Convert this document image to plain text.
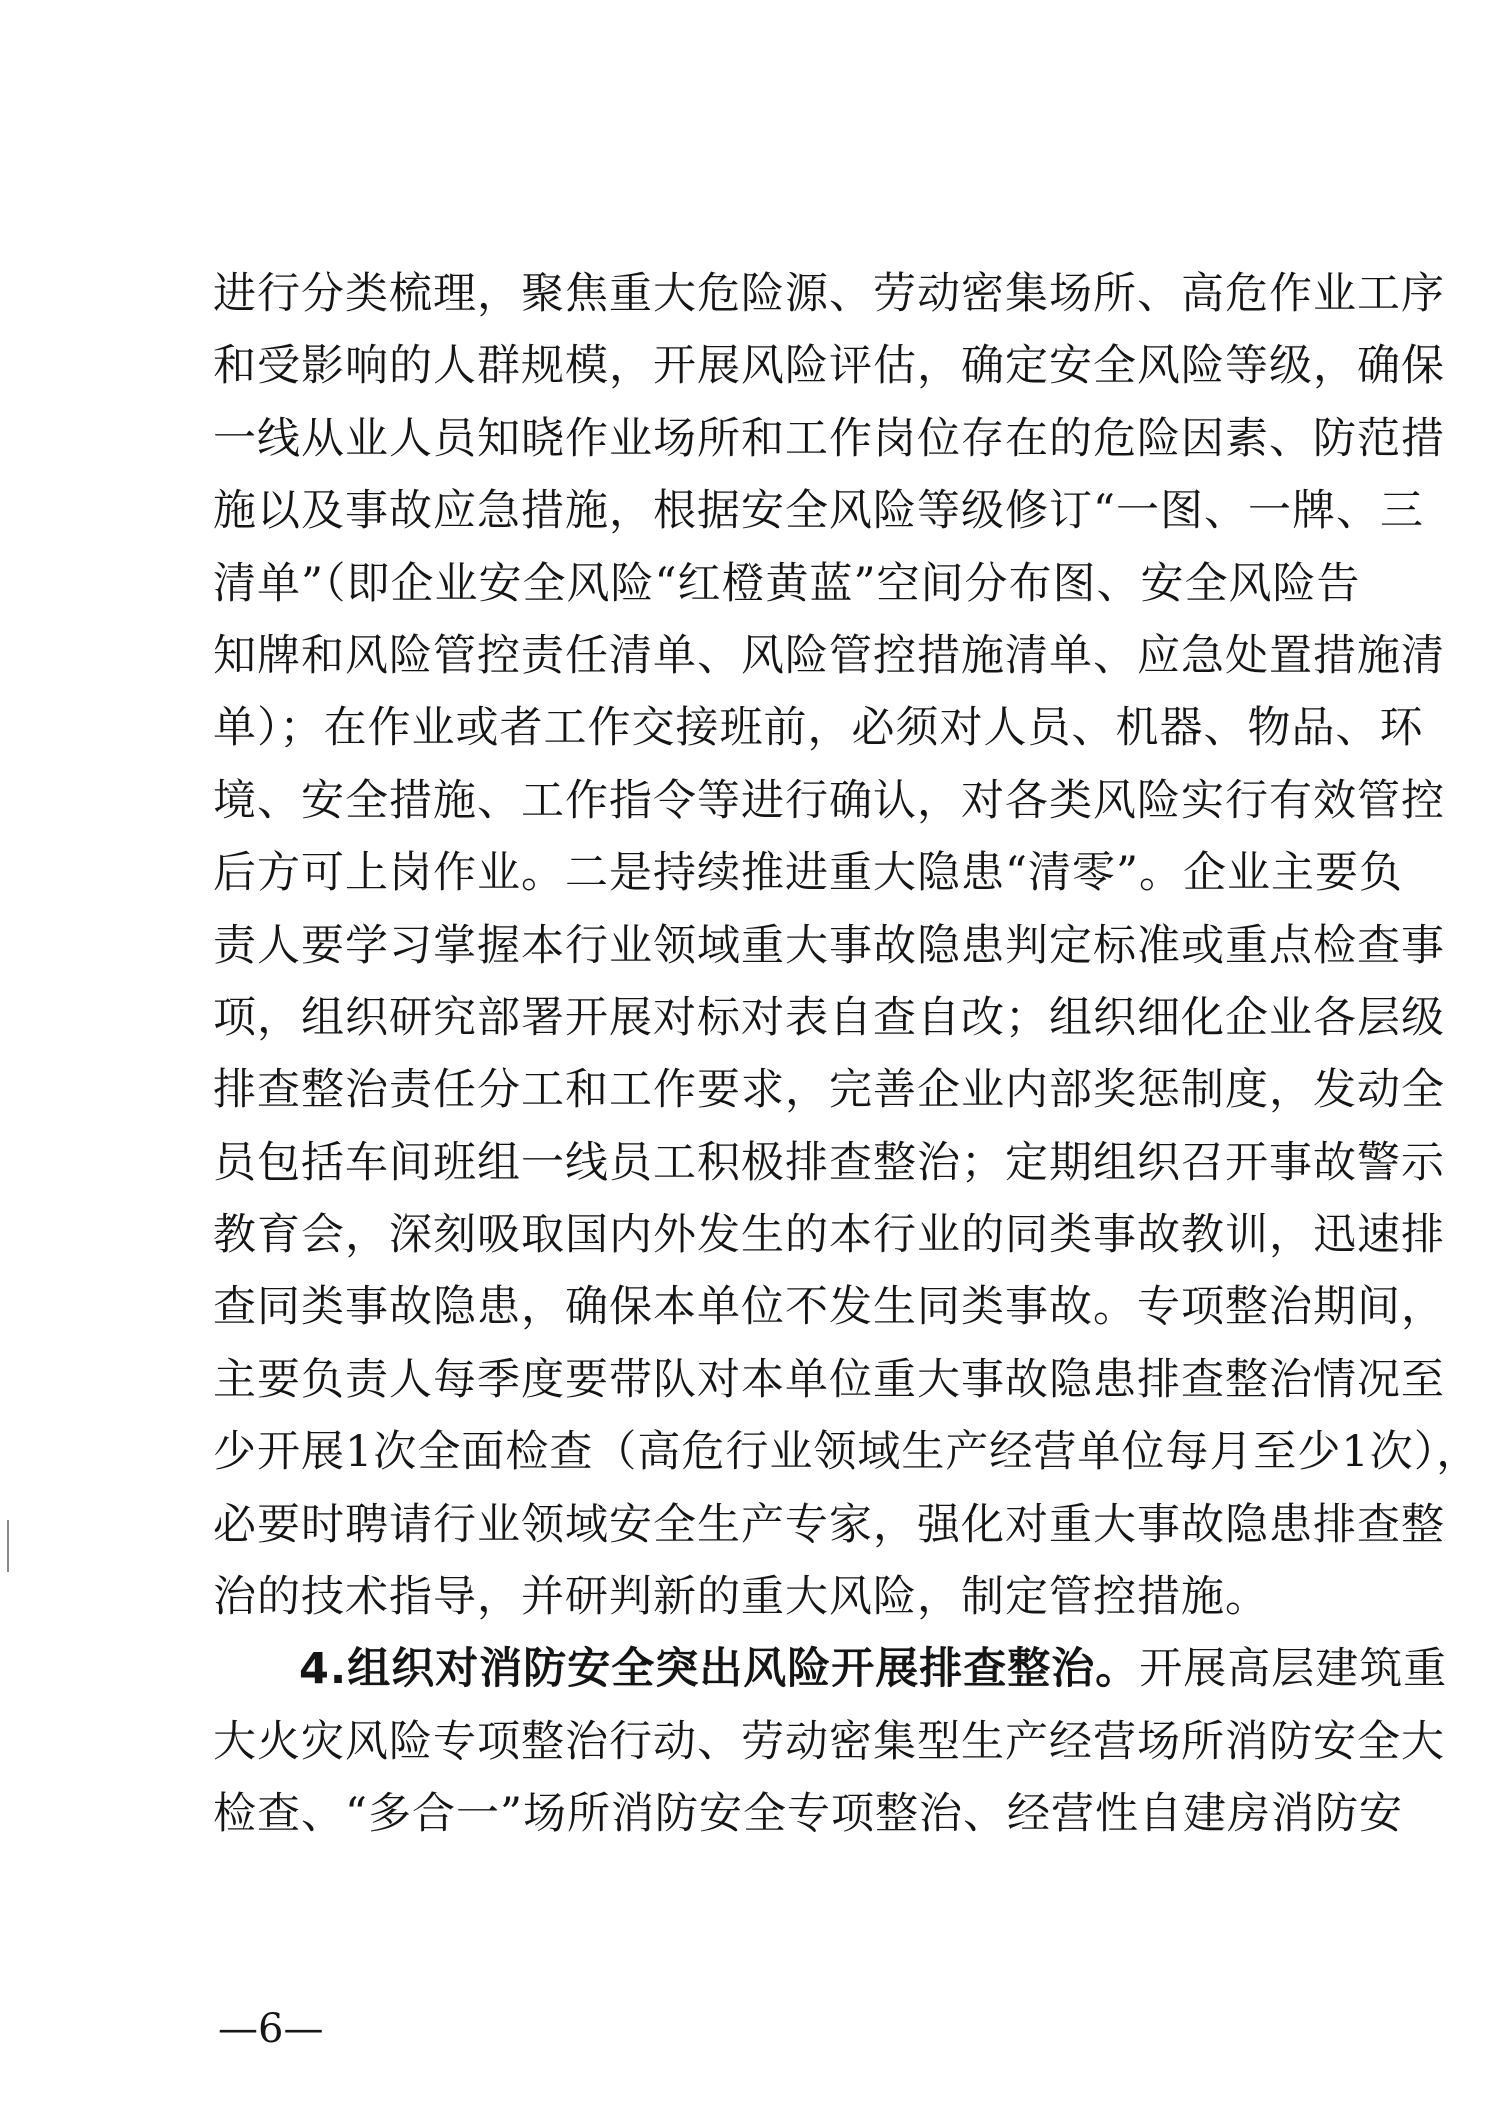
进行分类梳理，聚焦重大危险源、劳动密集场所、高危作业工序
和受影响的人群规模，开展风险评估，确定安全风险等级，确保
一线从业人员知晓作业场所和工作岗位存在的危险因素、防范措
施以及事故应急措施，根据安全风险等级修订“一图、一牌、三
清单”（即企业安全风险“红橙黄蓝”空间分布图、安全风险告
知牌和风险管控责任清单、风险管控措施清单、应急处置措施清
单）；在作业或者工作交接班前，必须对人员、机器、物品、环
境、安全措施、工作指令等进行确认，对各类风险实行有效管控
后方可上岗作业。二是持续推进重大隐患“清零”。企业主要负
责人要学习掌握本行业领域重大事故隐患判定标准或重点检查事
项，组织研究部署开展对标对表自查自改；组织细化企业各层级
排查整治责任分工和工作要求，完善企业内部奖惩制度，发动全
员包括车间班组一线员工积极排查整治；定期组织召开事故警示
教育会，深刻吸取国内外发生的本行业的同类事故教训，迅速排
查同类事故隐患，确保本单位不发生同类事故。专项整治期间，
主要负责人每季度要带队对本单位重大事故隐患排查整治情况至
少开展1次全面检查（高危行业领域生产经营单位每月至少1次），
必要时聘请行业领域安全生产专家，强化对重大事故隐患排查整
治的技术指导，并研判新的重大风险，制定管控措施。
4.组织对消防安全突出风险开展排查整治。开展高层建筑重
大火灾风险专项整治行动、劳动密集型生产经营场所消防安全大
检查、“多合一”场所消防安全专项整治、经营性自建房消防安
—6—
